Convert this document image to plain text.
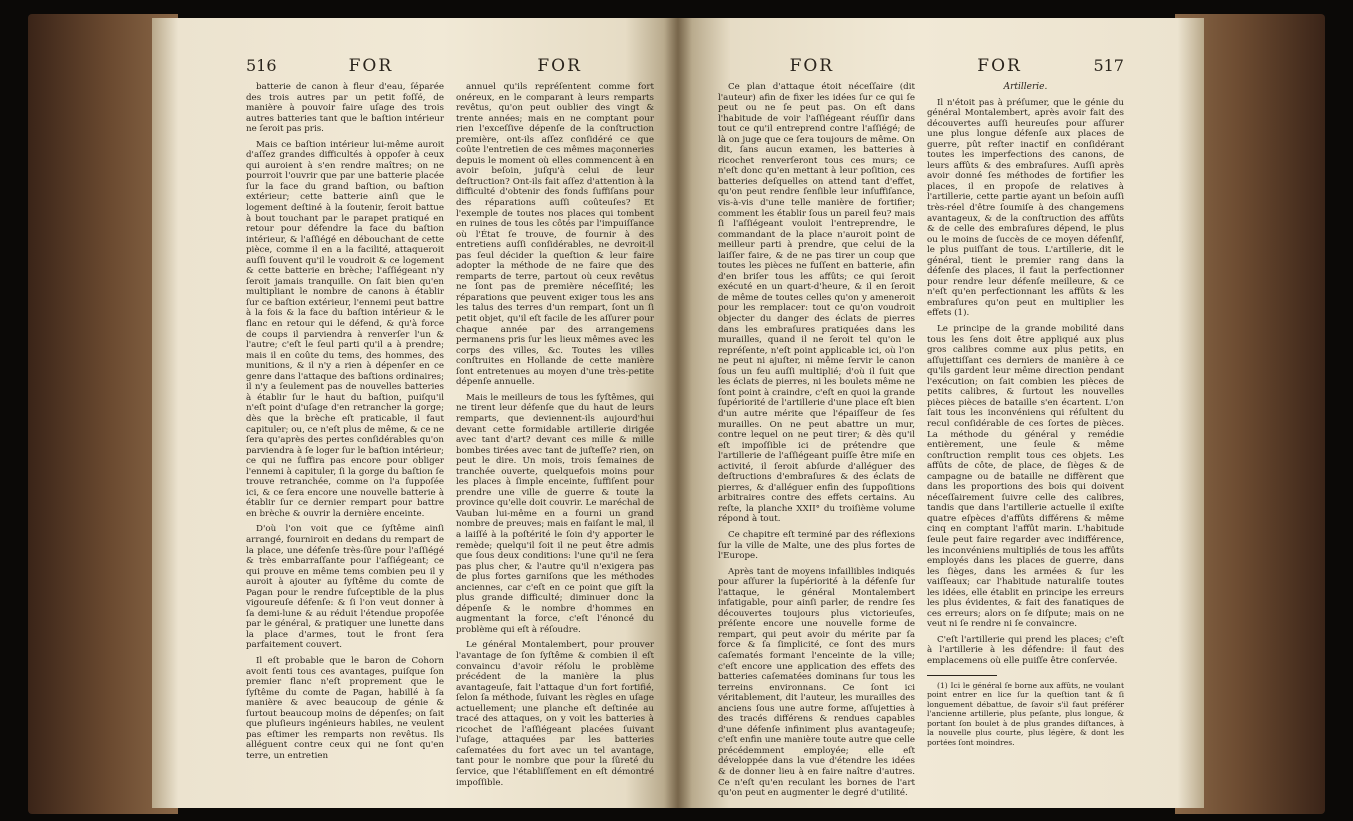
516	FOR	FOR

batterie de canon à fleur d'eau, ſéparée des trois autres par un petit foſſé, de manière à pouvoir faire uſage des trois autres batteries tant que le baſtion intérieur ne ſeroit pas pris.

Mais ce baſtion intérieur lui-même auroit d'aſſez grandes difficultés à oppoſer à ceux qui auroient à s'en rendre maîtres; on ne pourroit l'ouvrir que par une batterie placée ſur la face du grand baſtion, ou baſtion extérieur; cette batterie ainſi que le logement deſtiné à la ſoutenir, ſeroit battue à bout touchant par le parapet pratiqué en retour pour défendre la face du baſtion intérieur, & l'aſſiégé en débouchant de cette pièce, comme il en a la facilité, attaqueroit auſſi ſouvent qu'il le voudroit & ce logement & cette batterie en brèche; l'aſſiégeant n'y ſeroit jamais tranquille. On ſait bien qu'en multipliant le nombre de canons à établir ſur ce baſtion extérieur, l'ennemi peut battre à la fois & la face du baſtion intérieur & le flanc en retour qui le défend, & qu'à force de coups il parviendra à renverſer l'un & l'autre; c'eſt le ſeul parti qu'il a à prendre; mais il en coûte du tems, des hommes, des munitions, & il n'y a rien à dépenſer en ce genre dans l'attaque des baſtions ordinaires; il n'y a ſeulement pas de nouvelles batteries à établir ſur le haut du baſtion, puiſqu'il n'eſt point d'uſage d'en retrancher la gorge; dès que la brèche eſt praticable, il faut capituler; ou, ce n'eſt plus de même, & ce ne ſera qu'après des pertes conſidérables qu'on parviendra à ſe loger ſur le baſtion intérieur; ce qui ne ſuffira pas encore pour obliger l'ennemi à capituler, ſi la gorge du baſtion ſe trouve retranchée, comme on l'a ſuppoſée ici, & ce ſera encore une nouvelle batterie à établir ſur ce dernier rempart pour battre en brèche & ouvrir la dernière enceinte.

D'où l'on voit que ce ſyſtême ainſi arrangé, fourniroit en dedans du rempart de la place, une défenſe très-ſûre pour l'aſſiégé & très embarraſſante pour l'aſſiégeant; ce qui prouve en même tems combien peu il y auroit à ajouter au ſyſtême du comte de Pagan pour le rendre ſuſceptible de la plus vigoureuſe défenſe: & ſi l'on veut donner à ſa demi-lune & au réduit l'étendue propoſée par le général, & pratiquer une lunette dans la place d'armes, tout le front ſera parfaitement couvert.

Il eſt probable que le baron de Cohorn avoit ſenti tous ces avantages, puiſque ſon premier flanc n'eſt proprement que le ſyſtême du comte de Pagan, habillé à ſa manière & avec beaucoup de génie & ſurtout beaucoup moins de dépenſes; on ſait que pluſieurs ingénieurs habiles, ne veulent pas eſtimer les remparts non revêtus. Ils alléguent contre ceux qui ne ſont qu'en terre, un entretien

annuel qu'ils repréſentent comme fort onéreux, en le comparant à leurs remparts revêtus, qu'on peut oublier des vingt & trente années; mais en ne comptant pour rien l'exceſſive dépenſe de la conſtruction première, ont-ils aſſez conſidéré ce que coûte l'entretien de ces mêmes maçonneries depuis le moment où elles commencent à en avoir beſoin, juſqu'à celui de leur deſtruction? Ont-ils fait aſſez d'attention à la difficulté d'obtenir des fonds ſuffiſans pour des réparations auſſi coûteuſes? Et l'exemple de toutes nos places qui tombent en ruines de tous les côtés par l'impuiſſance où l'État ſe trouve, de fournir à des entretiens auſſi conſidérables, ne devroit-il pas ſeul décider la queſtion & leur faire adopter la méthode de ne faire que des remparts de terre, partout où ceux revêtus ne ſont pas de première néceſſité; les réparations que peuvent exiger tous les ans les talus des terres d'un rempart, ſont un ſi petit objet, qu'il eſt facile de les aſſurer pour chaque année par des arrangemens permanens pris ſur les lieux mêmes avec les corps des villes, &c. Toutes les villes conſtruites en Hollande de cette manière ſont entretenues au moyen d'une très-petite dépenſe annuelle.

Mais le meilleurs de tous les ſyſtêmes, qui ne tirent leur défenſe que du haut de leurs remparts, que deviennent-ils aujourd'hui devant cette formidable artillerie dirigée avec tant d'art? devant ces mille & mille bombes tirées avec tant de juſteſſe? rien, on peut le dire. Un mois, trois ſemaines de tranchée ouverte, quelquefois moins pour les places à ſimple enceinte, ſuffiſent pour prendre une ville de guerre & toute la province qu'elle doit couvrir. Le maréchal de Vauban lui-même en a fourni un grand nombre de preuves; mais en faiſant le mal, il a laiſſé à la poſtérité le ſoin d'y apporter le remède; quelqu'il ſoit il ne peut être admis que ſous deux conditions: l'une qu'il ne ſera pas plus cher, & l'autre qu'il n'exigera pas de plus fortes garniſons que les méthodes anciennes, car c'eſt en ce point que giſt la plus grande difficulté; diminuer donc la dépenſe & le nombre d'hommes en augmentant la force, c'eſt l'énoncé du problème qui eſt à réſoudre.

Le général Montalembert, pour prouver l'avantage de ſon ſyſtême & combien il eſt convaincu d'avoir réſolu le problème précédent de la manière la plus avantageuſe, fait l'attaque d'un fort fortifié, ſelon ſa méthode, ſuivant les règles en uſage actuellement; une planche eſt deſtinée au tracé des attaques, on y voit les batteries à ricochet de l'aſſiégeant placées ſuivant l'uſage, attaquées par les batteries caſematées du fort avec un tel avantage, tant pour le nombre que pour la ſûreté du ſervice, que l'établiſſement en eſt démontré impoſſible.

FOR	FOR	517

Ce plan d'attaque étoit néceſſaire (dit l'auteur) afin de fixer les idées ſur ce qui ſe peut ou ne ſe peut pas. On eſt dans l'habitude de voir l'aſſiégeant réuſſir dans tout ce qu'il entreprend contre l'aſſiégé; de là on juge que ce ſera toujours de même. On dit, ſans aucun examen, les batteries à ricochet renverſeront tous ces murs; ce n'eſt donc qu'en mettant à leur poſition, ces batteries deſquelles on attend tant d'effet, qu'on peut rendre ſenſible leur inſuffiſance, vis-à-vis d'une telle manière de fortifier; comment les établir ſous un pareil feu? mais ſi l'aſſiégeant vouloit l'entreprendre, le commandant de la place n'auroit point de meilleur parti à prendre, que celui de la laiſſer faire, & de ne pas tirer un coup que toutes les pièces ne fuſſent en batterie, afin d'en briſer tous les affûts; ce qui ſeroit exécuté en un quart-d'heure, & il en ſeroit de même de toutes celles qu'on y ameneroit pour les remplacer: tout ce qu'on voudroit objecter du danger des éclats de pierres dans les embraſures pratiquées dans les murailles, quand il ne ſeroit tel qu'on le repréſente, n'eſt point applicable ici, où l'on ne peut ni ajuſter, ni même ſervir le canon ſous un feu auſſi multiplié; d'où il ſuit que les éclats de pierres, ni les boulets même ne ſont point à craindre, c'eſt en quoi la grande ſupériorité de l'artillerie d'une place eſt bien d'un autre mérite que l'épaiſſeur de ſes murailles. On ne peut abattre un mur, contre lequel on ne peut tirer; & dès qu'il eſt impoſſible ici de prétendre que l'artillerie de l'aſſiégeant puiſſe être miſe en activité, il ſeroit abſurde d'alléguer des deſtructions d'embraſures & des éclats de pierres, & d'alléguer enfin des ſuppoſitions arbitraires contre des effets certains. Au reſte, la planche XXII° du troiſième volume répond à tout.

Ce chapitre eſt terminé par des réflexions ſur la ville de Malte, une des plus fortes de l'Europe.

Après tant de moyens infaillibles indiqués pour aſſurer la ſupériorité à la défenſe ſur l'attaque, le général Montalembert infatigable, pour ainſi parler, de rendre ſes découvertes toujours plus victorieuſes, préſente encore une nouvelle forme de rempart, qui peut avoir du mérite par ſa force & ſa ſimplicité, ce ſont des murs caſematés formant l'enceinte de la ville; c'eſt encore une application des effets des batteries caſematées dominans ſur tous les terreins environnans. Ce ſont ici véritablement, dit l'auteur, les murailles des anciens ſous une autre forme, aſſujetties à des tracés différens & rendues capables d'une défenſe infiniment plus avantageuſe; c'eſt enfin une manière toute autre que celle précédemment employée; elle eſt développée dans la vue d'étendre les idées & de donner lieu à en faire naître d'autres. Ce n'eſt qu'en reculant les bornes de l'art qu'on peut en augmenter le degré d'utilité.

Artillerie.

Il n'étoit pas à préſumer, que le génie du général Montalembert, après avoir fait des découvertes auſſi heureuſes pour aſſurer une plus longue défenſe aux places de guerre, pût reſter inactif en conſidérant toutes les imperfections des canons, de leurs affûts & des embraſures. Auſſi après avoir donné ſes méthodes de fortifier les places, il en propoſe de relatives à l'artillerie, cette partie ayant un beſoin auſſi très-réel d'être ſoumiſe à des changemens avantageux, & de la conſtruction des affûts & de celle des embraſures dépend, le plus ou le moins de ſuccès de ce moyen défenſif, le plus puiſſant de tous. L'artillerie, dit le général, tient le premier rang dans la défenſe des places, il faut la perfectionner pour rendre leur défenſe meilleure, & ce n'eſt qu'en perfectionnant les affûts & les embraſures qu'on peut en multiplier les effets (1).

Le principe de la grande mobilité dans tous les ſens doit être appliqué aux plus gros calibres comme aux plus petits, en aſſujettiſſant ces derniers de manière à ce qu'ils gardent leur même direction pendant l'exécution; on ſait combien les pièces de petits calibres, & ſurtout les nouvelles pièces pièces de bataille s'en écartent. L'on ſait tous les inconvéniens qui réſultent du recul conſidérable de ces ſortes de pièces. La méthode du général y remédie entièrement, une ſeule & même conſtruction remplit tous ces objets. Les affûts de côte, de place, de ſièges & de campagne ou de bataille ne diffèrent que dans les proportions des bois qui doivent néceſſairement ſuivre celle des calibres, tandis que dans l'artillerie actuelle il exiſte quatre eſpèces d'affûts différens & même cinq en comptant l'affût marin. L'habitude ſeule peut faire regarder avec indifférence, les inconvéniens multipliés de tous les affûts employés dans les places de guerre, dans les ſièges, dans les armées & ſur les vaiſſeaux; car l'habitude naturaliſe toutes les idées, elle établit en principe les erreurs les plus évidentes, & fait des fanatiques de ces erreurs; alors on ſe diſpute; mais on ne veut ni ſe rendre ni ſe convaincre.

C'eſt l'artillerie qui prend les places; c'eſt à l'artillerie à les défendre: il faut des emplacemens où elle puiſſe être conſervée.

(1) Ici le général ſe borne aux affûts, ne voulant point entrer en lice ſur la queſtion tant & ſi longuement débattue, de ſavoir s'il faut préférer l'ancienne artillerie, plus peſante, plus longue, & portant ſon boulet à de plus grandes diſtances, à la nouvelle plus courte, plus légère, & dont les portées ſont moindres.
